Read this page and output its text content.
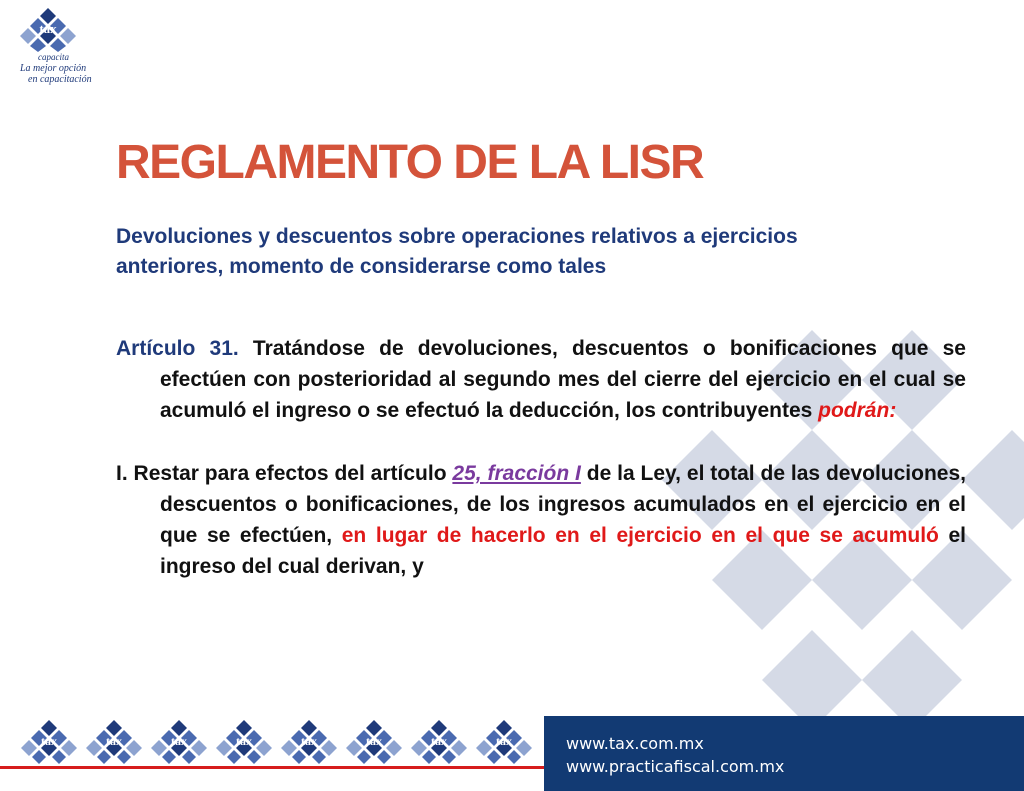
tax
capacita
La mejor opción
en capacitación
REGLAMENTO DE LA LISR
Devoluciones y descuentos sobre operaciones relativos a ejercicios anteriores, momento de considerarse como tales
Artículo 31. Tratándose de devoluciones, descuentos o bonificaciones que se efectúen con posterioridad al segundo mes del cierre del ejercicio en el cual se acumuló el ingreso o se efectuó la deducción, los contribuyentes podrán:
I. Restar para efectos del artículo 25, fracción I de la Ley, el total de las devoluciones, descuentos o bonificaciones, de los ingresos acumulados en el ejercicio en el que se efectúen, en lugar de hacerlo en el ejercicio en el que se acumuló el ingreso del cual derivan, y
tax	tax	tax	tax	tax	tax	tax	tax	www.tax.com.mx
www.practicafiscal.com.mx
